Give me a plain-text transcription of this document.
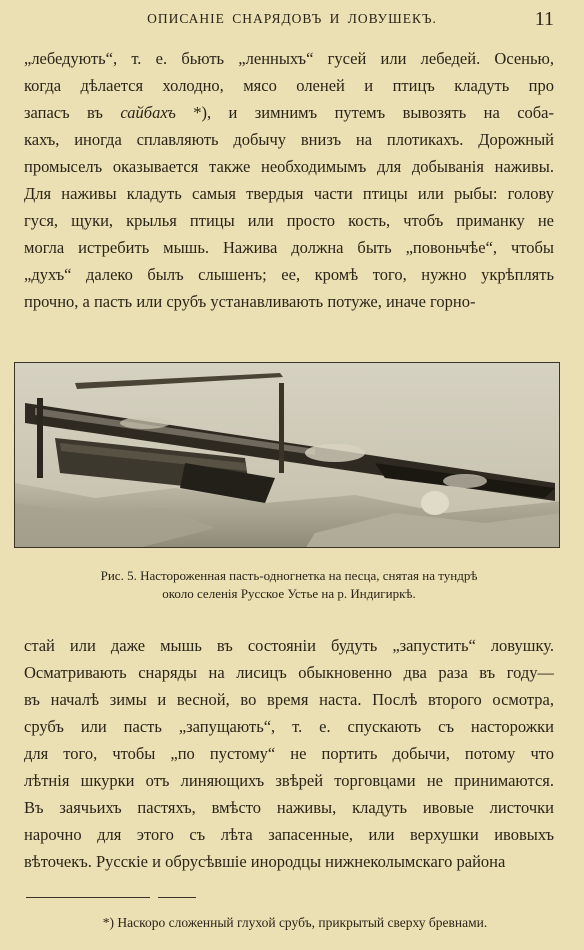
ОПИСАНІЕ СНАРЯДОВЪ И ЛОВУШЕКЪ.	11
„лебедують“, т. е. бьють „ленныхъ“ гусей или лебедей. Осенью,
когда дѣлается холодно, мясо оленей и птицъ кладуть про
запасъ въ сайбахъ *), и зимнимъ путемъ вывозять на соба-
кахъ, иногда сплавляють добычу внизъ на плотикахъ. Дорожный
промыселъ оказывается также необходимымъ для добыванія наживы.
Для наживы кладуть самыя твердыя части птицы или рыбы: голову
гуся, щуки, крылья птицы или просто кость, чтобъ приманку не
могла истребить мышь. Нажива должна быть „повоньчѣе“, чтобы
„духъ“ далеко былъ слышенъ; ее, кромѣ того, нужно укрѣплять
прочно, а пасть или срубъ устанавливають потуже, иначе горно-
Рис. 5. Настороженная пасть-одногнетка на песца, снятая на тундрѣ
около селенія Русское Устье на р. Индигиркѣ.
стай или даже мышь въ состояніи будуть „запустить“ ловушку.
Осматривають снаряды на лисицъ обыкновенно два раза въ году—
въ началѣ зимы и весной, во время наста. Послѣ второго осмотра,
срубъ или пасть „запущають“, т. е. спускають съ насторожки
для того, чтобы „по пустому“ не портить добычи, потому что
лѣтнія шкурки отъ линяющихъ звѣрей торговцами не принимаются.
Въ заячьихъ пастяхъ, вмѣсто наживы, кладуть ивовые листочки
нарочно для этого съ лѣта запасенные, или верхушки ивовыхъ
вѣточекъ. Русскіе и обрусѣвшіе инородцы нижнеколымскаго района
*) Наскоро сложенный глухой срубъ, прикрытый сверху бревнами.
